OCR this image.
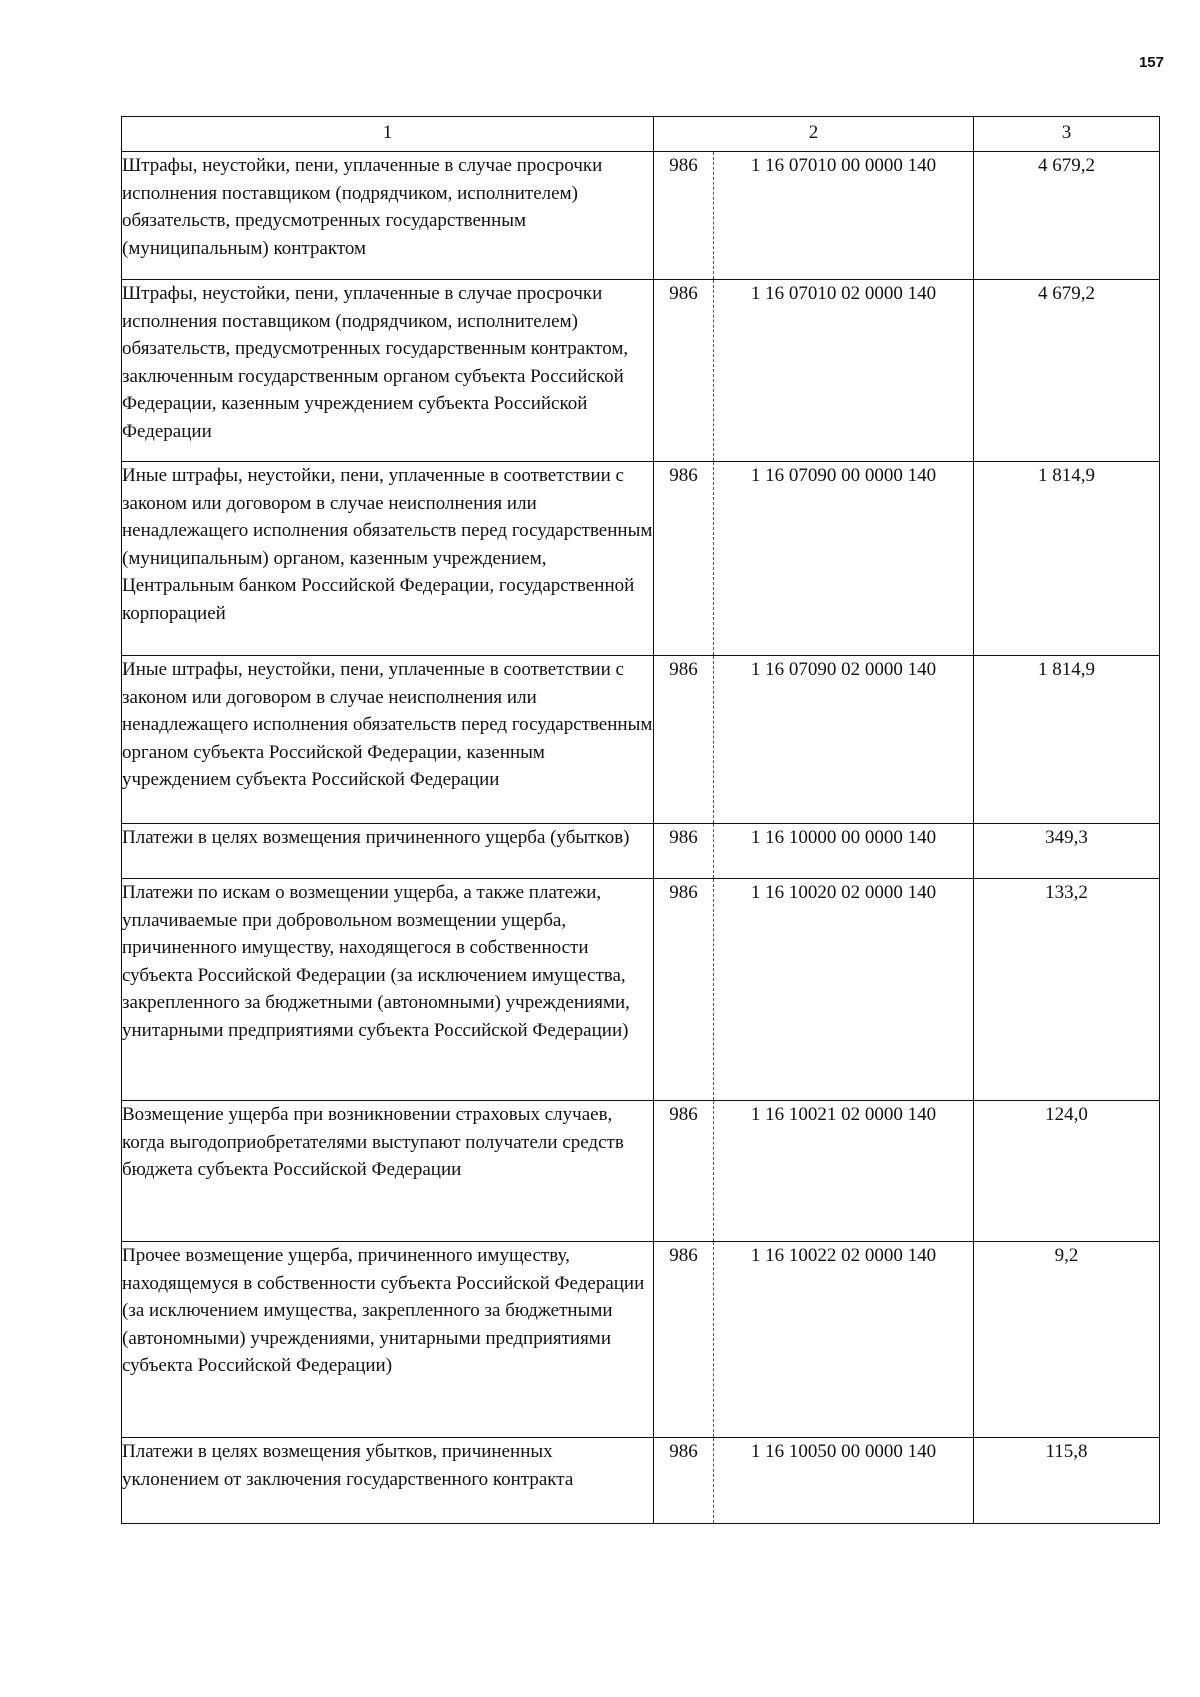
157
1	2		3
Штрафы, неустойки, пени, уплаченные в случае просрочки исполнения поставщиком (подрядчиком, исполнителем) обязательств, предусмотренных государственным (муниципальным) контрактом	986	1 16 07010 00 0000 140	4 679,2
Штрафы, неустойки, пени, уплаченные в случае просрочки исполнения поставщиком (подрядчиком, исполнителем) обязательств, предусмотренных государственным контрактом, заключенным государственным органом субъекта Российской Федерации, казенным учреждением субъекта Российской Федерации	986	1 16 07010 02 0000 140	4 679,2
Иные штрафы, неустойки, пени, уплаченные в соответствии с законом или договором в случае неисполнения или ненадлежащего исполнения обязательств перед государственным (муниципальным) органом, казенным учреждением, Центральным банком Российской Федерации, государственной корпорацией	986	1 16 07090 00 0000 140	1 814,9
Иные штрафы, неустойки, пени, уплаченные в соответствии с законом или договором в случае неисполнения или ненадлежащего исполнения обязательств перед государственным органом субъекта Российской Федерации, казенным учреждением субъекта Российской Федерации	986	1 16 07090 02 0000 140	1 814,9
Платежи в целях возмещения причиненного ущерба (убытков)	986	1 16 10000 00 0000 140	349,3
Платежи по искам о возмещении ущерба, а также платежи, уплачиваемые при добровольном возмещении ущерба, причиненного имуществу, находящегося в собственности субъекта Российской Федерации (за исключением имущества, закрепленного за бюджетными (автономными) учреждениями, унитарными предприятиями субъекта Российской Федерации)	986	1 16 10020 02 0000 140	133,2
Возмещение ущерба при возникновении страховых случаев, когда выгодоприобретателями выступают получатели средств бюджета субъекта Российской Федерации	986	1 16 10021 02 0000 140	124,0
Прочее возмещение ущерба, причиненного имуществу, находящемуся в собственности субъекта Российской Федерации (за исключением имущества, закрепленного за бюджетными (автономными) учреждениями, унитарными предприятиями субъекта Российской Федерации)	986	1 16 10022 02 0000 140	9,2
Платежи в целях возмещения убытков, причиненных уклонением от заключения государственного контракта	986	1 16 10050 00 0000 140	115,8
